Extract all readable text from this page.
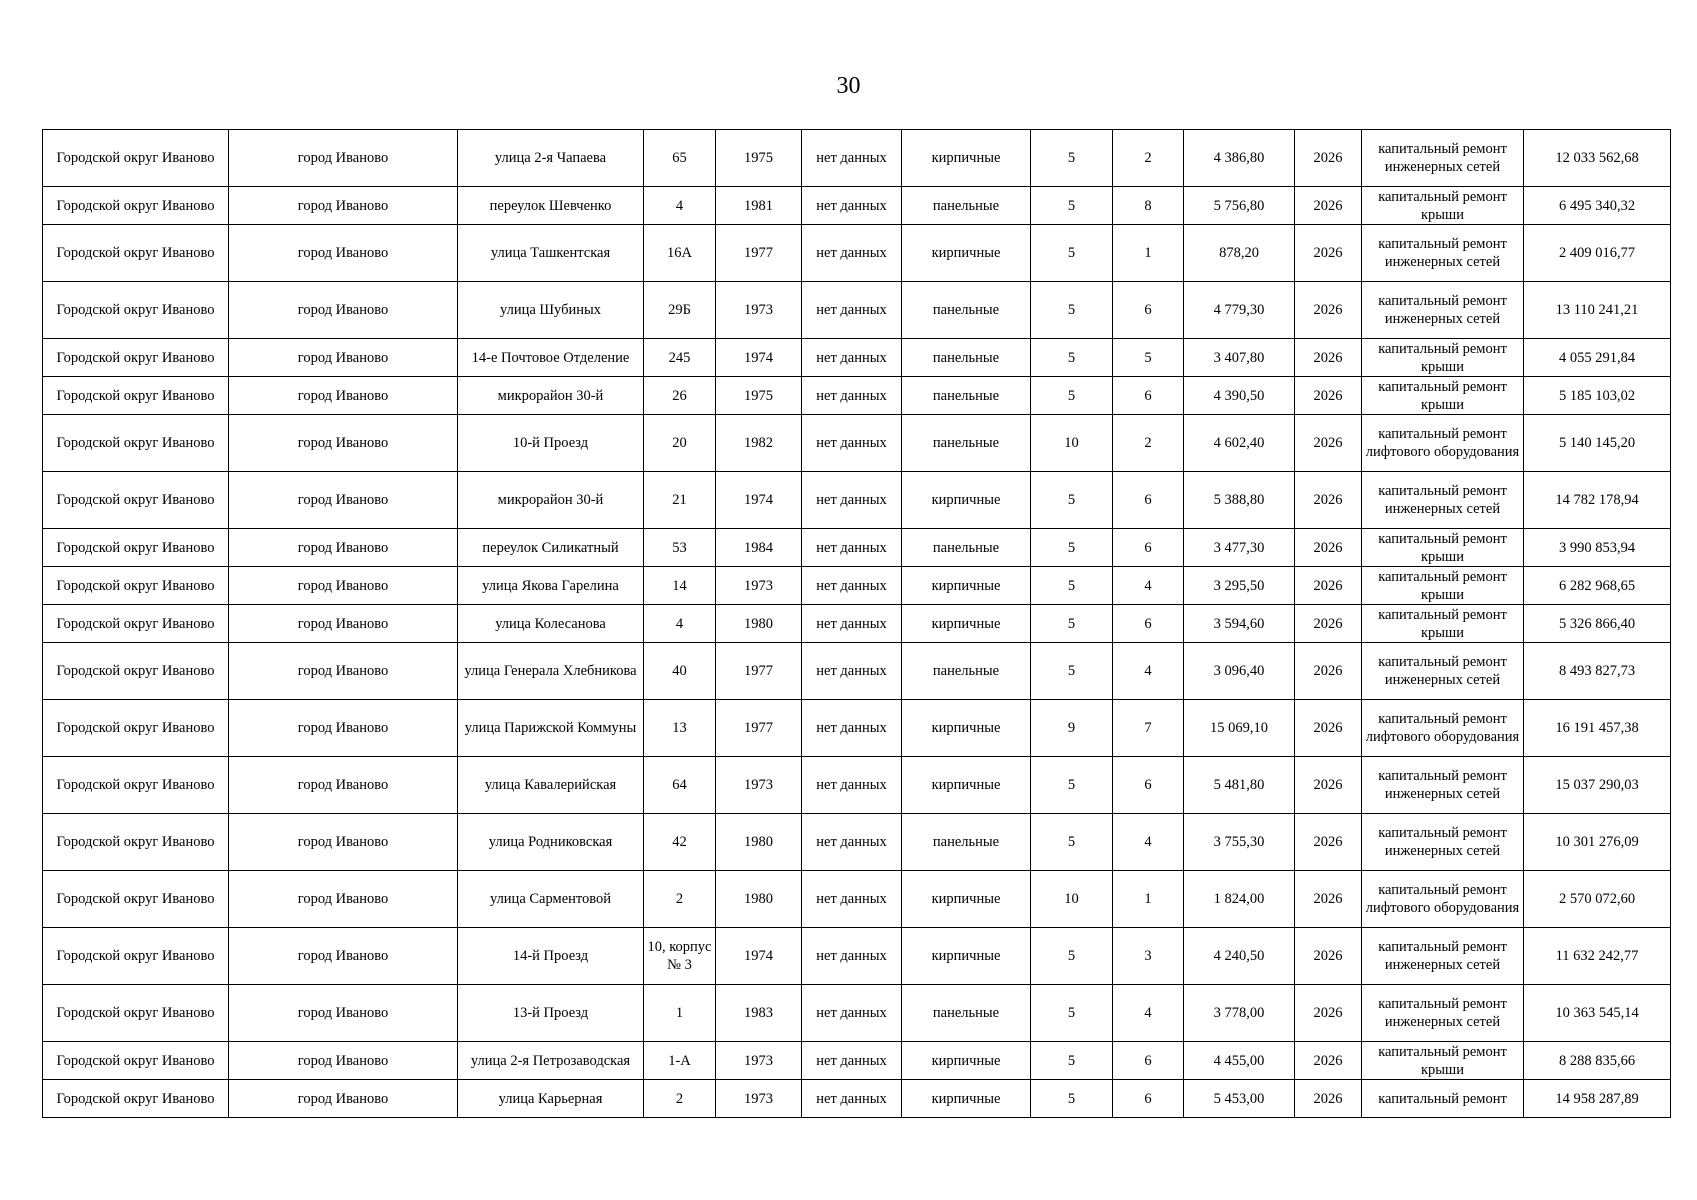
30
Городской округ Иваново	город Иваново	улица 2-я Чапаева	65	1975	нет данных	кирпичные	5	2	4 386,80	2026	капитальный ремонт инженерных сетей	12 033 562,68
Городской округ Иваново	город Иваново	переулок Шевченко	4	1981	нет данных	панельные	5	8	5 756,80	2026	капитальный ремонт крыши	6 495 340,32
Городской округ Иваново	город Иваново	улица Ташкентская	16А	1977	нет данных	кирпичные	5	1	878,20	2026	капитальный ремонт инженерных сетей	2 409 016,77
Городской округ Иваново	город Иваново	улица Шубиных	29Б	1973	нет данных	панельные	5	6	4 779,30	2026	капитальный ремонт инженерных сетей	13 110 241,21
Городской округ Иваново	город Иваново	14-е Почтовое Отделение	245	1974	нет данных	панельные	5	5	3 407,80	2026	капитальный ремонт крыши	4 055 291,84
Городской округ Иваново	город Иваново	микрорайон 30-й	26	1975	нет данных	панельные	5	6	4 390,50	2026	капитальный ремонт крыши	5 185 103,02
Городской округ Иваново	город Иваново	10-й Проезд	20	1982	нет данных	панельные	10	2	4 602,40	2026	капитальный ремонт лифтового оборудования	5 140 145,20
Городской округ Иваново	город Иваново	микрорайон 30-й	21	1974	нет данных	кирпичные	5	6	5 388,80	2026	капитальный ремонт инженерных сетей	14 782 178,94
Городской округ Иваново	город Иваново	переулок Силикатный	53	1984	нет данных	панельные	5	6	3 477,30	2026	капитальный ремонт крыши	3 990 853,94
Городской округ Иваново	город Иваново	улица Якова Гарелина	14	1973	нет данных	кирпичные	5	4	3 295,50	2026	капитальный ремонт крыши	6 282 968,65
Городской округ Иваново	город Иваново	улица Колесанова	4	1980	нет данных	кирпичные	5	6	3 594,60	2026	капитальный ремонт крыши	5 326 866,40
Городской округ Иваново	город Иваново	улица Генерала Хлебникова	40	1977	нет данных	панельные	5	4	3 096,40	2026	капитальный ремонт инженерных сетей	8 493 827,73
Городской округ Иваново	город Иваново	улица Парижской Коммуны	13	1977	нет данных	кирпичные	9	7	15 069,10	2026	капитальный ремонт лифтового оборудования	16 191 457,38
Городской округ Иваново	город Иваново	улица Кавалерийская	64	1973	нет данных	кирпичные	5	6	5 481,80	2026	капитальный ремонт инженерных сетей	15 037 290,03
Городской округ Иваново	город Иваново	улица Родниковская	42	1980	нет данных	панельные	5	4	3 755,30	2026	капитальный ремонт инженерных сетей	10 301 276,09
Городской округ Иваново	город Иваново	улица Сарментовой	2	1980	нет данных	кирпичные	10	1	1 824,00	2026	капитальный ремонт лифтового оборудования	2 570 072,60
Городской округ Иваново	город Иваново	14-й Проезд	10, корпус № 3	1974	нет данных	кирпичные	5	3	4 240,50	2026	капитальный ремонт инженерных сетей	11 632 242,77
Городской округ Иваново	город Иваново	13-й Проезд	1	1983	нет данных	панельные	5	4	3 778,00	2026	капитальный ремонт инженерных сетей	10 363 545,14
Городской округ Иваново	город Иваново	улица 2-я Петрозаводская	1-А	1973	нет данных	кирпичные	5	6	4 455,00	2026	капитальный ремонт крыши	8 288 835,66
Городской округ Иваново	город Иваново	улица Карьерная	2	1973	нет данных	кирпичные	5	6	5 453,00	2026	капитальный ремонт	14 958 287,89
